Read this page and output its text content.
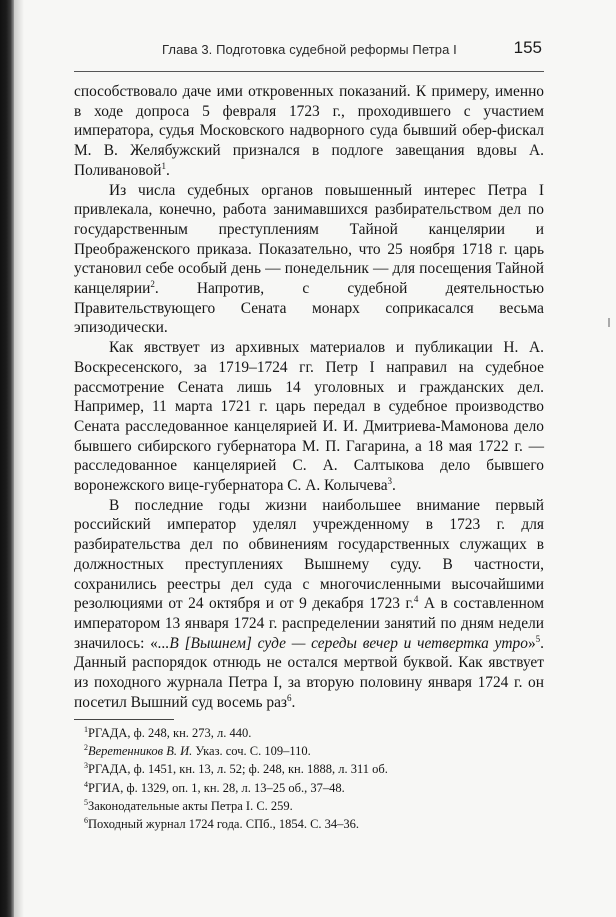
Глава 3. Подготовка судебной реформы Петра I	155

способствовало даче ими откровенных показаний. К примеру, именно в ходе допроса 5 февраля 1723 г., проходившего с участием императора, судья Московского надворного суда бывший обер-фискал М. В. Желябужский признался в подлоге завещания вдовы А. Поливановой$^1$.

Из числа судебных органов повышенный интерес Петра I привлекала, конечно, работа занимавшихся разбирательством дел по государственным преступлениям Тайной канцелярии и Преображенского приказа. Показательно, что 25 ноября 1718 г. царь установил себе особый день — понедельник — для посещения Тайной канцелярии$^2$. Напротив, с судебной деятельностью Правительствующего Сената монарх соприкасался весьма эпизодически.

Как явствует из архивных материалов и публикации Н. А. Воскресенского, за 1719–1724 гг. Петр I направил на судебное рассмотрение Сената лишь 14 уголовных и гражданских дел. Например, 11 марта 1721 г. царь передал в судебное производство Сената расследованное канцелярией И. И. Дмитриева-Мамонова дело бывшего сибирского губернатора М. П. Гагарина, а 18 мая 1722 г. — расследованное канцелярией С. А. Салтыкова дело бывшего воронежского вице-губернатора С. А. Колычева$^3$.

В последние годы жизни наибольшее внимание первый российский император уделял учрежденному в 1723 г. для разбирательства дел по обвинениям государственных служащих в должностных преступлениях Вышнему суду. В частности, сохранились реестры дел суда с многочисленными высочайшими резолюциями от 24 октября и от 9 декабря 1723 г.$^4$ А в составленном императором 13 января 1724 г. распределении занятий по дням недели значилось: «...В [Вышнем] суде — середы вечер и четвертка утро»$^5$. Данный распорядок отнюдь не остался мертвой буквой. Как явствует из походного журнала Петра I, за вторую половину января 1724 г. он посетил Вышний суд восемь раз$^6$.

$^1$РГАДА, ф. 248, кн. 273, л. 440.

$^2$Веретенников В. И. Указ. соч. С. 109–110.

$^3$РГАДА, ф. 1451, кн. 13, л. 52; ф. 248, кн. 1888, л. 311 об.

$^4$РГИА, ф. 1329, оп. 1, кн. 28, л. 13–25 об., 37–48.

$^5$Законодательные акты Петра I. С. 259.

$^6$Походный журнал 1724 года. СПб., 1854. С. 34–36.
